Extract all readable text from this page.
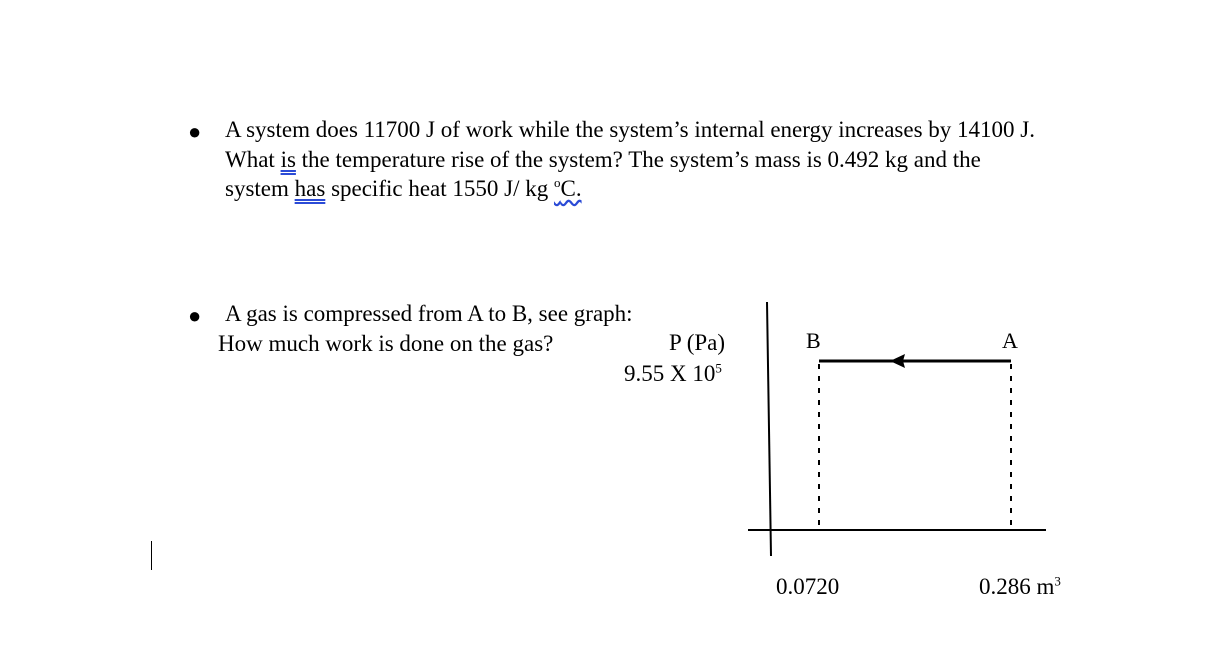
● A system does 11700 J of work while the system’s internal energy increases by 14100 J.
What is the temperature rise of the system? The system’s mass is 0.492 kg and the
system has specific heat 1550 J/ kg $^o$C.
●	A gas is compressed from A to B, see graph:
How much work is done on the gas?	P (Pa)
9.55 X $10^5$
B	A
0.0720	0.286 $m^3$
